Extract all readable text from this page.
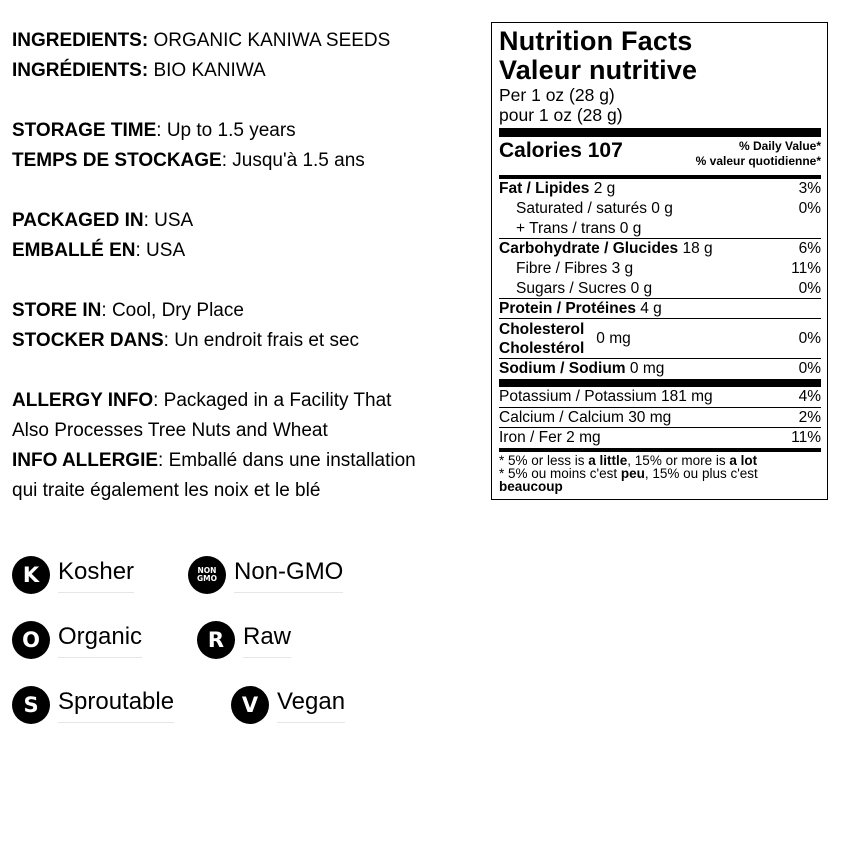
INGREDIENTS: ORGANIC KANIWA SEEDS
INGRÉDIENTS: BIO KANIWA
STORAGE TIME: Up to 1.5 years
TEMPS DE STOCKAGE: Jusqu'à 1.5 ans
PACKAGED IN: USA
EMBALLÉ EN: USA
STORE IN: Cool, Dry Place
STOCKER DANS: Un endroit frais et sec
ALLERGY INFO: Packaged in a Facility That
Also Processes Tree Nuts and Wheat
INFO ALLERGIE: Emballé dans une installation
qui traite également les noix et le blé
K Kosher	NON
GMO Non-GMO
O Organic	R Raw
S Sproutable	V Vegan
Nutrition Facts
Valeur nutritive
Per 1 oz (28 g)
pour 1 oz (28 g)
Calories 107	% Daily Value*
% valeur quotidienne*
Fat / Lipides 2 g	3%
Saturated / saturés 0 g	0%
+ Trans / trans 0 g
Carbohydrate / Glucides 18 g	6%
Fibre / Fibres 3 g	11%
Sugars / Sucres 0 g	0%
Protein / Protéines 4 g
Cholesterol
Cholestérol
0 mg	0%
Sodium / Sodium 0 mg	0%
Potassium / Potassium 181 mg	4%
Calcium / Calcium 30 mg	2%
Iron / Fer 2 mg	11%
* 5% or less is a little, 15% or more is a lot
* 5% ou moins c'est peu, 15% ou plus c'est
beaucoup
